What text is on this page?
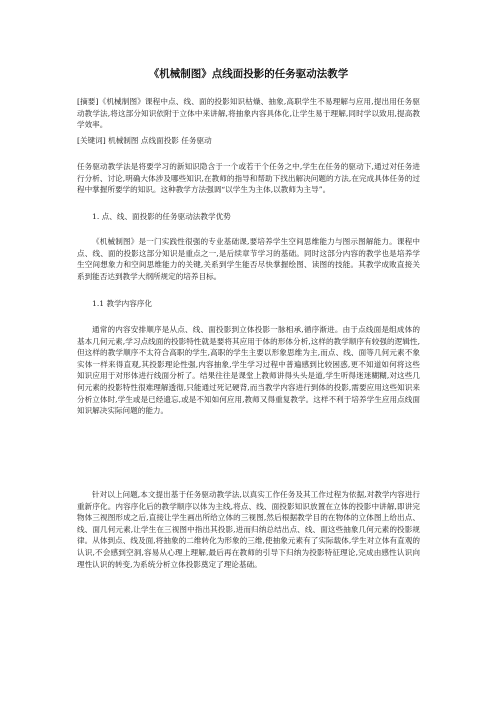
《机械制图》点线面投影的任务驱动法教学

[摘要]《机械制图》课程中点、线、面的投影知识枯燥、抽象,高职学生不易理解与应用,提出用任务驱动教学法,将这部分知识依附于立体中来讲解,将抽象内容具体化,让学生易于理解,同时学以致用,提高教学效率。

[关键词] 机械制图 点线面投影 任务驱动

任务驱动教学法是将要学习的新知识隐含于一个或若干个任务之中,学生在任务的驱动下,通过对任务进行分析、讨论,明确大体涉及哪些知识,在教师的指导和帮助下找出解决问题的方法,在完成具体任务的过程中掌握所要学的知识。这种教学方法强调“以学生为主体,以教师为主导”。

1. 点、线、面投影的任务驱动法教学优势

《机械制图》是一门实践性很强的专业基础课,要培养学生空间思维能力与图示图解能力。课程中点、线、面的投影这部分知识是重点之一,是后续章节学习的基础。同时这部分内容的教学也是培养学生空间想象力和空间思维能力的关键,关系到学生能否尽快掌握绘图、读图的技能。其教学成败直接关系到能否达到教学大纲所规定的培养目标。

1.1 教学内容序化

通常的内容安排顺序是从点、线、面投影到立体投影一脉相承,循序渐进。由于点线面是组成体的基本几何元素,学习点线面的投影特性就是要将其应用于体的形体分析,这样的教学顺序有较强的逻辑性,但这样的教学顺序不太符合高职的学生,高职的学生主要以形象思维为主,而点、线、面等几何元素不象实体一样来得直观,其投影理论性强,内容抽象,学生学习过程中普遍感到比较困惑,更不知道如何将这些知识应用于对形体进行线面分析了。结果往往是课堂上教师讲得头头是道,学生听得迷迷糊糊,对这些几何元素的投影特性很难理解透彻,只能通过死记硬背,而当教学内容进行到体的投影,需要应用这些知识来分析立体时,学生或是已经遗忘,或是不知如何应用,教师又得重复教学。这样不利于培养学生应用点线面知识解决实际问题的能力。

针对以上问题,本文提出基于任务驱动教学法,以真实工作任务及其工作过程为依据,对教学内容进行重新序化。内容序化后的教学顺序以体为主线,将点、线、面投影知识放置在立体的投影中讲解,即讲完物体三视图形成之后,直接让学生画出所给立体的三视图,然后根据教学目的在物体的立体图上给出点、线、面几何元素,让学生在三视图中指出其投影,进而归纳总结出点、线、面这些抽象几何元素的投影规律。从体到点、线及面,将抽象的二维转化为形象的三维,使抽象元素有了实际载体,学生对立体有直观的认识,不会感到空洞,容易从心理上理解,最后再在教师的引导下归纳为投影特征理论,完成由感性认识向理性认识的转变,为系统分析立体投影奠定了理论基础。
